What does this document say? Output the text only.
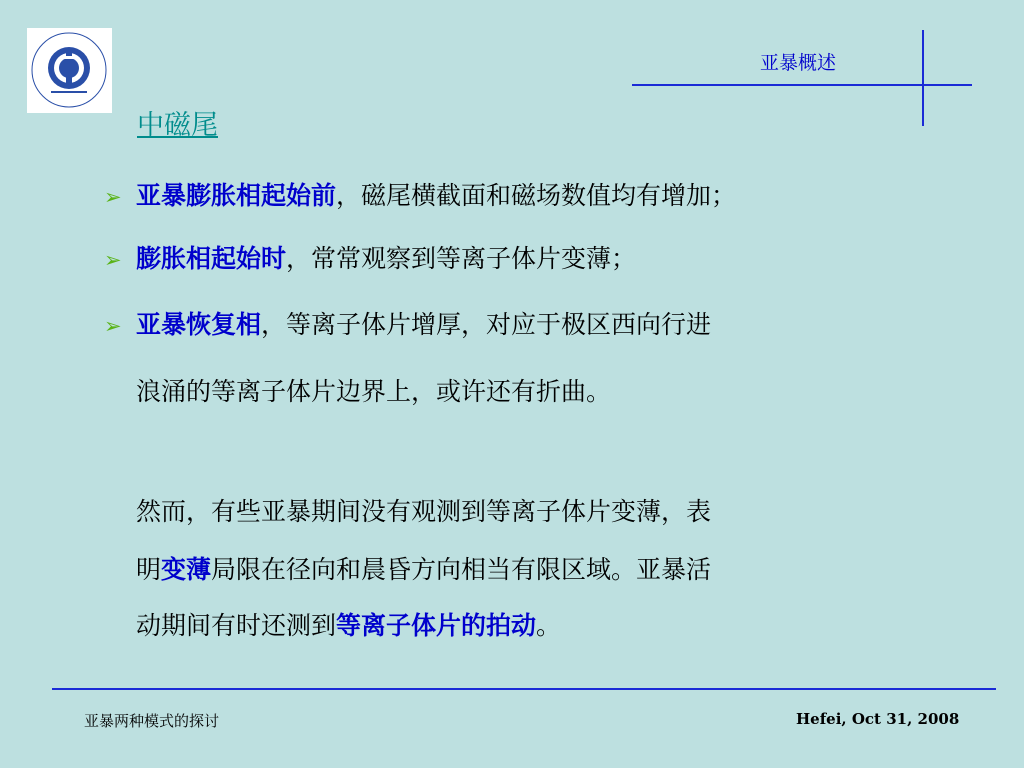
亚暴概述
中磁尾
➢ 亚暴膨胀相起始前，磁尾横截面和磁场数值均有增加；
➢ 膨胀相起始时，常常观察到等离子体片变薄；
➢ 亚暴恢复相，等离子体片增厚，对应于极区西向行进
浪涌的等离子体片边界上，或许还有折曲。
然而，有些亚暴期间没有观测到等离子体片变薄，表
明变薄局限在径向和晨昏方向相当有限区域。亚暴活
动期间有时还测到等离子体片的拍动。
亚暴两种模式的探讨	Hefei, Oct 31, 2008
